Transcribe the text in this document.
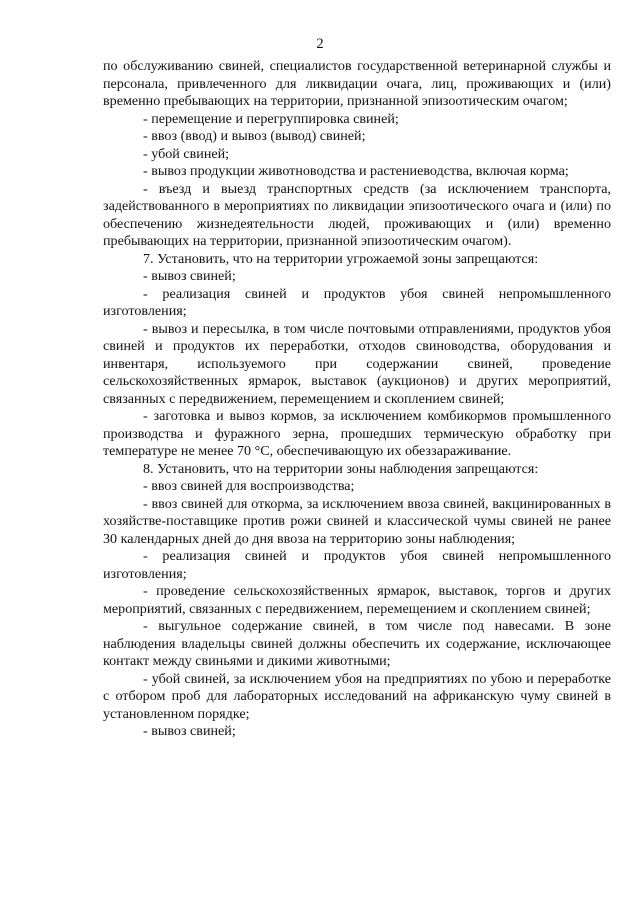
2

по обслуживанию свиней, специалистов государственной ветеринарной службы и персонала, привлеченного для ликвидации очага, лиц, проживающих и (или) временно пребывающих на территории, признанной эпизоотическим очагом;

- перемещение и перегруппировка свиней;

- ввоз (ввод) и вывоз (вывод) свиней;

- убой свиней;

- вывоз продукции животноводства и растениеводства, включая корма;

- въезд и выезд транспортных средств (за исключением транспорта, задействованного в мероприятиях по ликвидации эпизоотического очага и (или) по обеспечению жизнедеятельности людей, проживающих и (или) временно пребывающих на территории, признанной эпизоотическим очагом).

7. Установить, что на территории угрожаемой зоны запрещаются:

- вывоз свиней;

- реализация свиней и продуктов убоя свиней непромышленного изготовления;

- вывоз и пересылка, в том числе почтовыми отправлениями, продуктов убоя свиней и продуктов их переработки, отходов свиноводства, оборудования и инвентаря, используемого при содержании свиней, проведение сельскохозяйственных ярмарок, выставок (аукционов) и других мероприятий, связанных с передвижением, перемещением и скоплением свиней;

- заготовка и вывоз кормов, за исключением комбикормов промышленного производства и фуражного зерна, прошедших термическую обработку при температуре не менее 70 °С, обеспечивающую их обеззараживание.

8. Установить, что на территории зоны наблюдения запрещаются:

- ввоз свиней для воспроизводства;

- ввоз свиней для откорма, за исключением ввоза свиней, вакцинированных в хозяйстве-поставщике против рожи свиней и классической чумы свиней не ранее 30 календарных дней до дня ввоза на территорию зоны наблюдения;

- реализация свиней и продуктов убоя свиней непромышленного изготовления;

- проведение сельскохозяйственных ярмарок, выставок, торгов и других мероприятий, связанных с передвижением, перемещением и скоплением свиней;

- выгульное содержание свиней, в том числе под навесами. В зоне наблюдения владельцы свиней должны обеспечить их содержание, исключающее контакт между свиньями и дикими животными;

- убой свиней, за исключением убоя на предприятиях по убою и переработке с отбором проб для лабораторных исследований на африканскую чуму свиней в установленном порядке;

- вывоз свиней;
